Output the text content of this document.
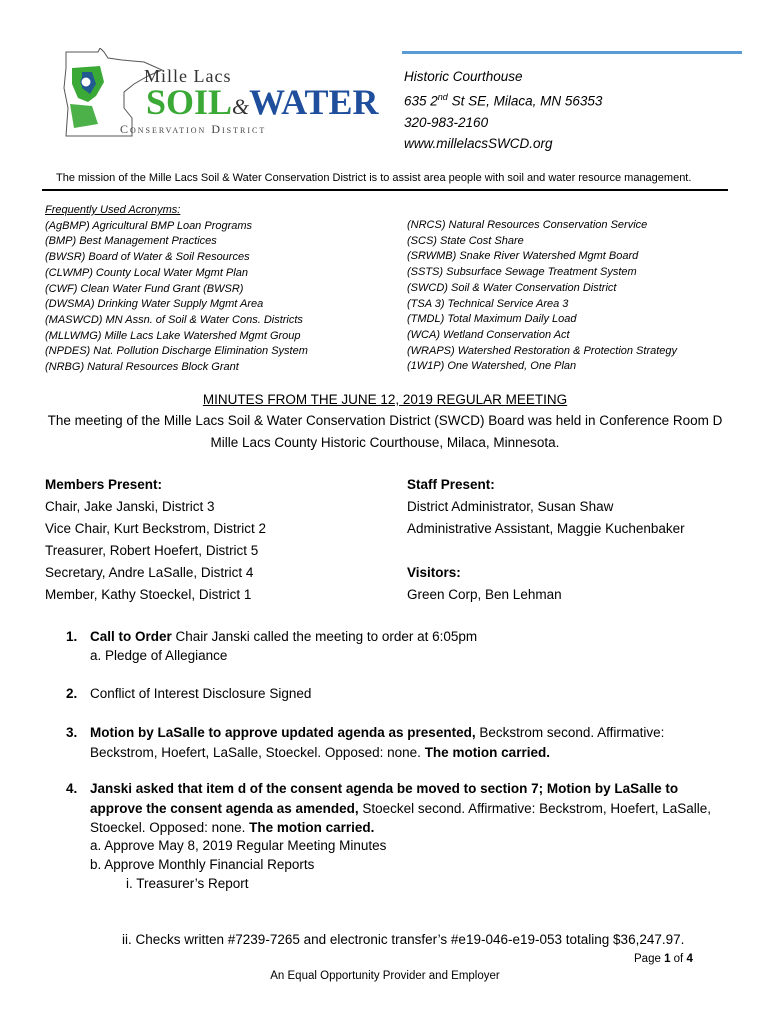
Mille Lacs
SOIL&WATER
Conservation District
Historic Courthouse
635 2nd St SE, Milaca, MN 56353
320-983-2160
www.millelacsSWCD.org
The mission of the Mille Lacs Soil & Water Conservation District is to assist area people with soil and water resource management.
Frequently Used Acronyms:
(AgBMP) Agricultural BMP Loan Programs
(BMP) Best Management Practices
(BWSR) Board of Water & Soil Resources
(CLWMP) County Local Water Mgmt Plan
(CWF) Clean Water Fund Grant (BWSR)
(DWSMA) Drinking Water Supply Mgmt Area
(MASWCD) MN Assn. of Soil & Water Cons. Districts
(MLLWMG) Mille Lacs Lake Watershed Mgmt Group
(NPDES) Nat. Pollution Discharge Elimination System
(NRBG) Natural Resources Block Grant
(NRCS) Natural Resources Conservation Service
(SCS) State Cost Share
(SRWMB) Snake River Watershed Mgmt Board
(SSTS) Subsurface Sewage Treatment System
(SWCD) Soil & Water Conservation District
(TSA 3) Technical Service Area 3
(TMDL) Total Maximum Daily Load
(WCA) Wetland Conservation Act
(WRAPS) Watershed Restoration & Protection Strategy
(1W1P) One Watershed, One Plan
MINUTES FROM THE JUNE 12, 2019 REGULAR MEETING
The meeting of the Mille Lacs Soil & Water Conservation District (SWCD) Board was held in Conference Room D
Mille Lacs County Historic Courthouse, Milaca, Minnesota.
Members Present:
Chair, Jake Janski, District 3
Vice Chair, Kurt Beckstrom, District 2
Treasurer, Robert Hoefert, District 5
Secretary, Andre LaSalle, District 4
Member, Kathy Stoeckel, District 1
Staff Present:
District Administrator, Susan Shaw
Administrative Assistant, Maggie Kuchenbaker
Visitors:
Green Corp, Ben Lehman
1. Call to Order Chair Janski called the meeting to order at 6:05pm
a. Pledge of Allegiance
2. Conflict of Interest Disclosure Signed
3. Motion by LaSalle to approve updated agenda as presented, Beckstrom second. Affirmative: Beckstrom, Hoefert, LaSalle, Stoeckel. Opposed: none. The motion carried.
4. Janski asked that item d of the consent agenda be moved to section 7; Motion by LaSalle to approve the consent agenda as amended, Stoeckel second. Affirmative: Beckstrom, Hoefert, LaSalle, Stoeckel. Opposed: none. The motion carried.
a. Approve May 8, 2019 Regular Meeting Minutes
b. Approve Monthly Financial Reports
i. Treasurer’s Report
ii. Checks written #7239-7265 and electronic transfer’s #e19-046-e19-053 totaling $36,247.97.
Page 1 of 4
An Equal Opportunity Provider and Employer
